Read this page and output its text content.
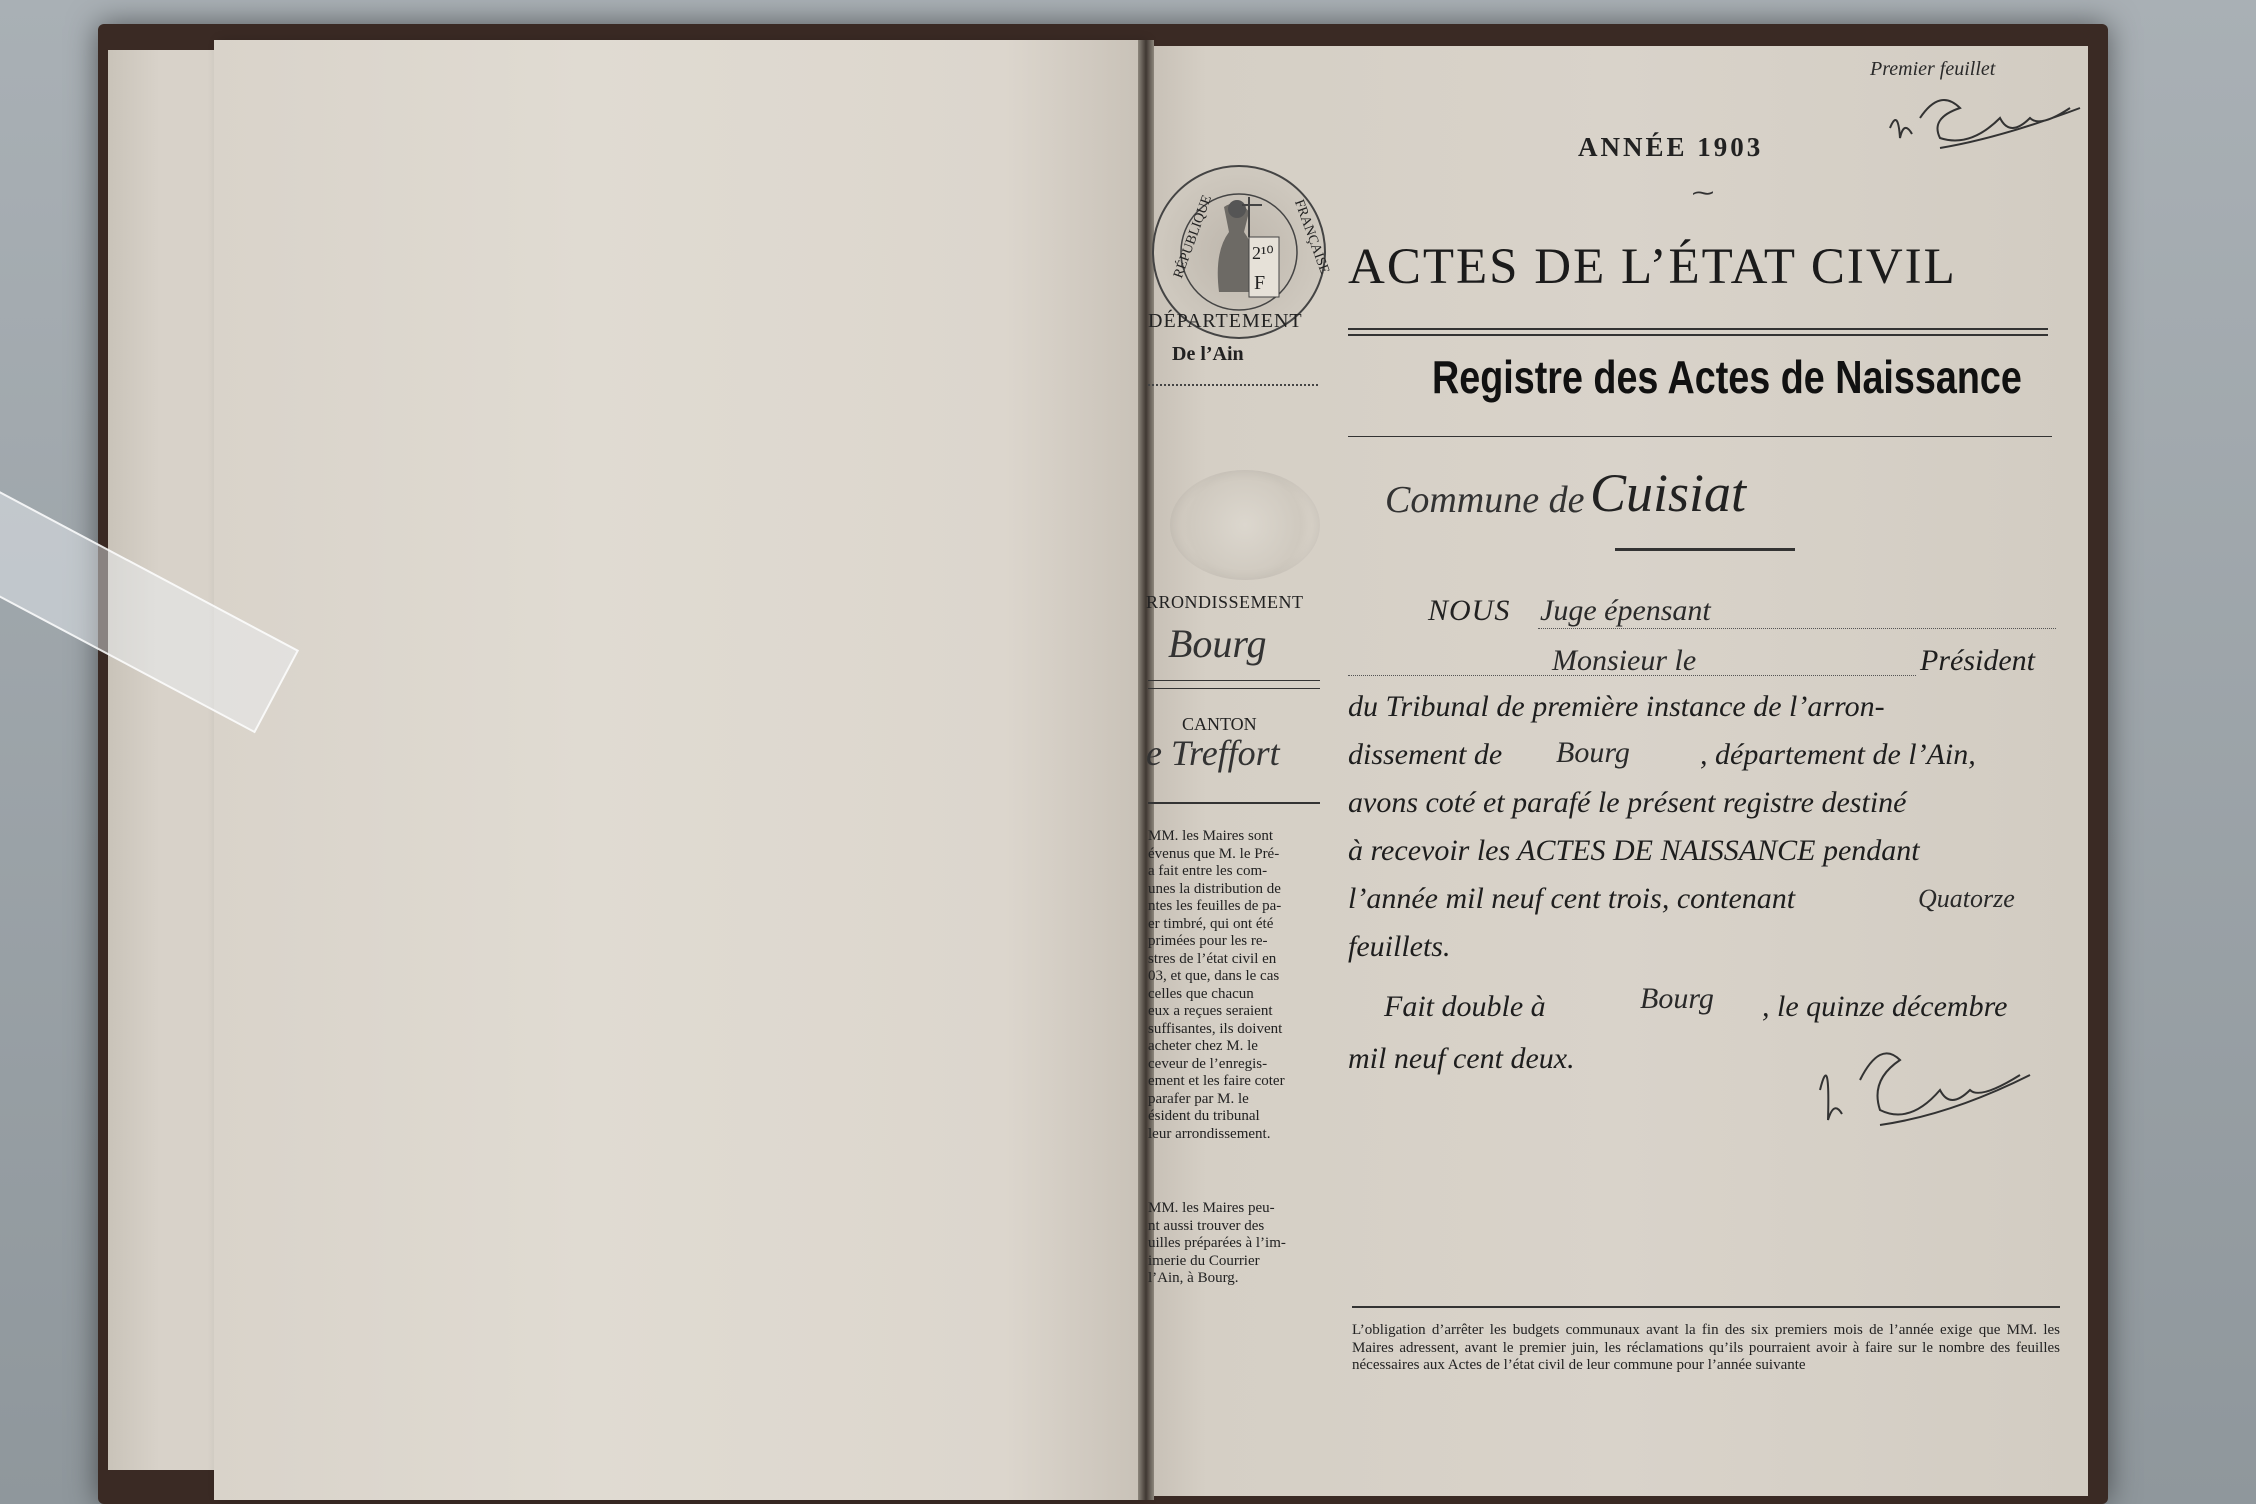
Premier feuillet
ANNÉE 1903
⁓
ACTES DE L’ÉTAT CIVIL
Registre des Actes de Naissance
2¹⁰
F
RÉPUBLIQUE	FRANÇAISE
DÉPARTEMENT
De l’Ain
RRONDISSEMENT
Bourg
CANTON
e Treffort
MM. les Maires sont
évenus que M. le Pré-
a fait entre les com-
unes la distribution de
ntes les feuilles de pa-
er timbré, qui ont été
primées pour les re-
stres de l’état civil en
03, et que, dans le cas
celles que chacun
eux a reçues seraient
suffisantes, ils doivent
acheter chez M. le
ceveur de l’enregis-
ement et les faire coter
parafer par M. le
ésident du tribunal
leur arrondissement.
MM. les Maires peu-
nt aussi trouver des
uilles préparées à l’im-
imerie du Courrier
l’Ain, à Bourg.
Commune de Cuisiat
NOUS Juge épensant
Monsieur le	Président
du Tribunal de première instance de l’arron-
dissement de Bourg , département de l’Ain,
avons coté et parafé le présent registre destiné
à recevoir les ACTES DE NAISSANCE pendant
l’année mil neuf cent trois, contenant	Quatorze
feuillets.
Fait double à	Bourg , le quinze décembre
mil neuf cent deux.
L’obligation d’arrêter les budgets communaux avant la fin des six premiers mois de l’année exige que MM. les Maires adressent, avant le premier juin, les réclamations qu’ils pourraient avoir à faire sur le nombre des feuilles nécessaires aux Actes de l’état civil de leur commune pour l’année suivante
